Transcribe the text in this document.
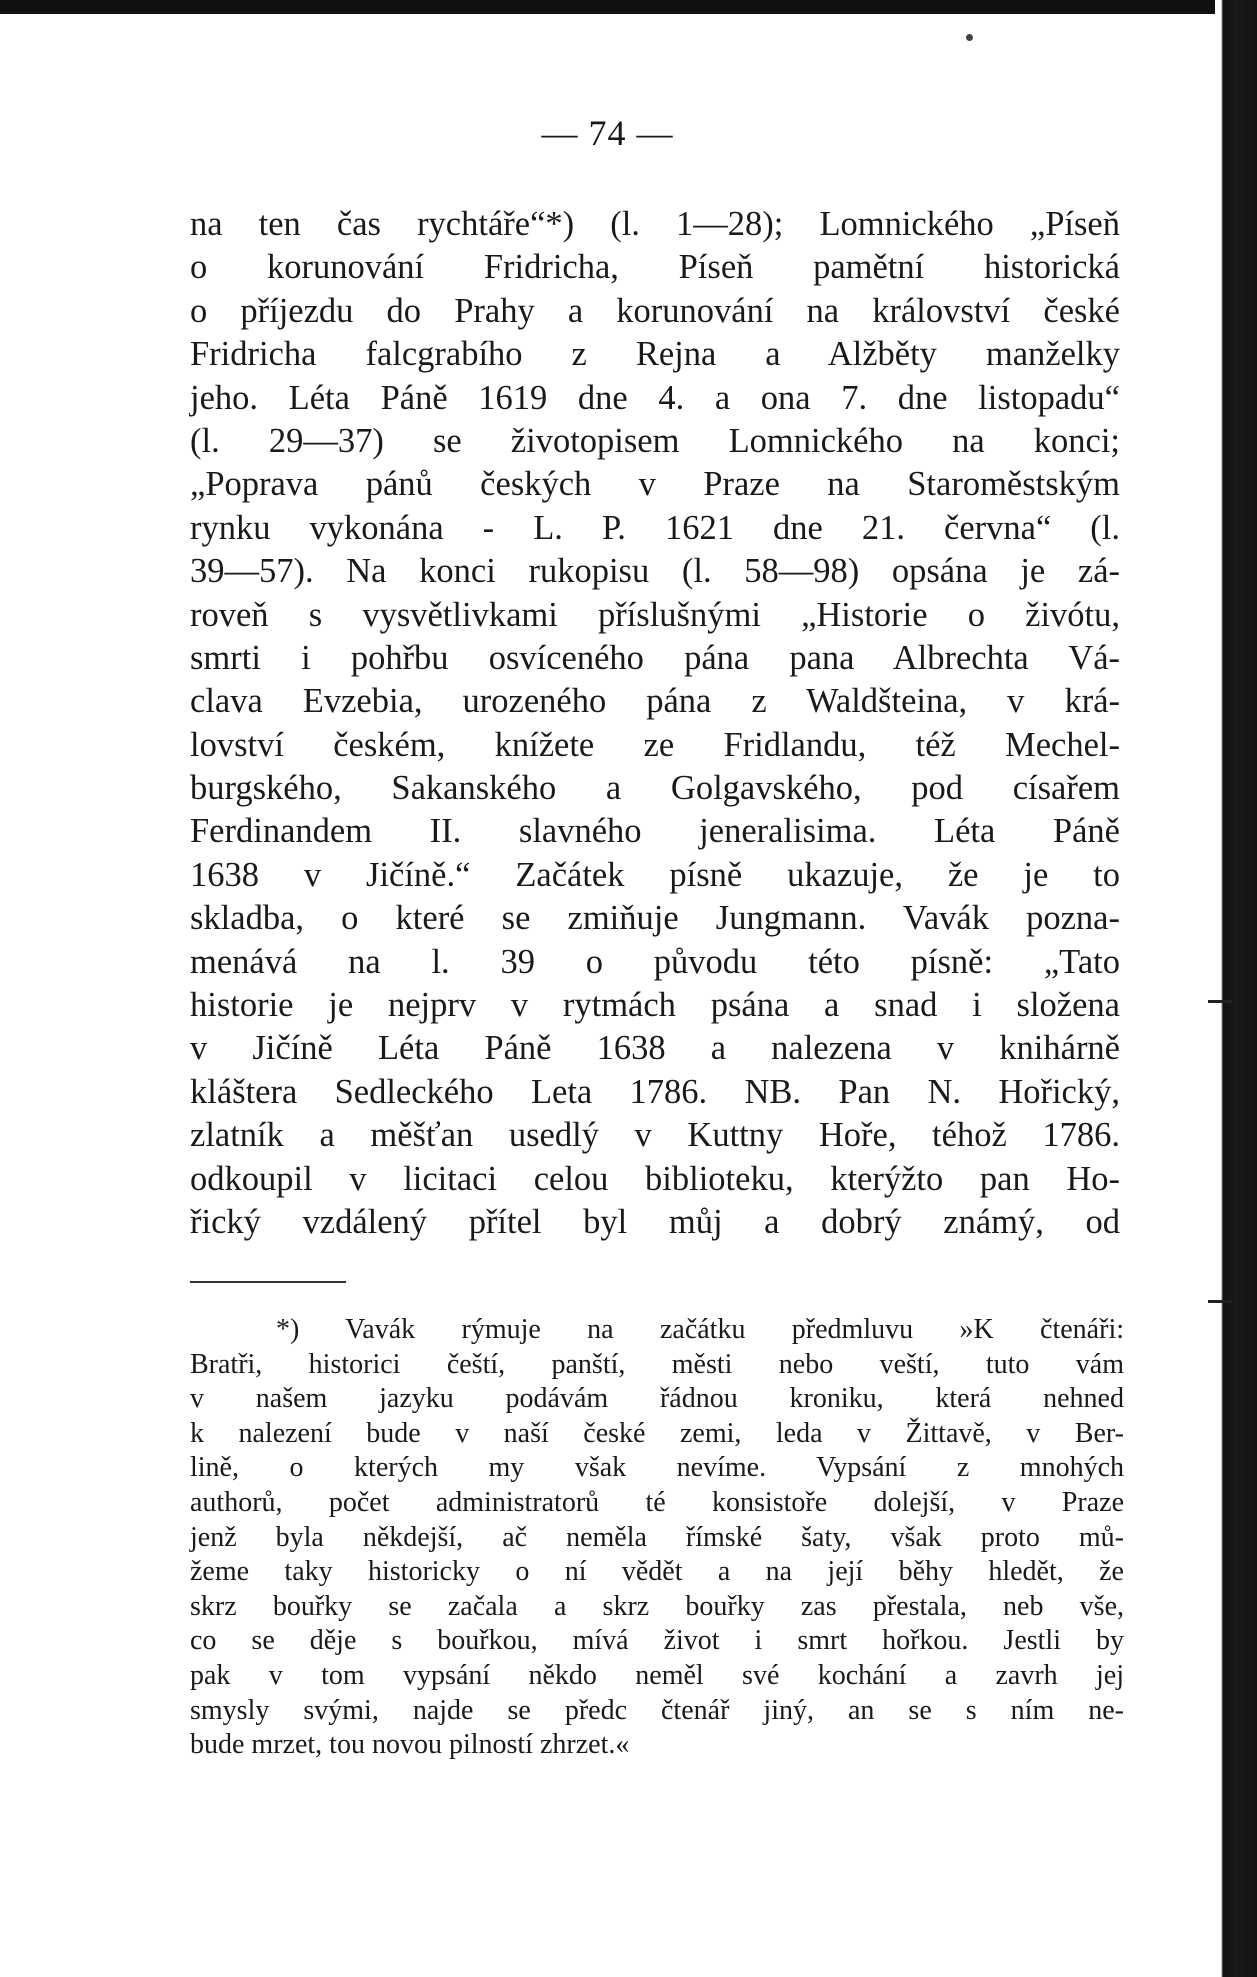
— 74 —
na ten čas rychtáře“*) (l. 1—28); Lomnického „Píseň
o korunování Fridricha, Píseň pamětní historická
o příjezdu do Prahy a korunování na království české
Fridricha falcgrabího z Rejna a Alžběty manželky
jeho. Léta Páně 1619 dne 4. a ona 7. dne listopadu“
(l. 29—37) se životopisem Lomnického na konci;
„Poprava pánů českých v Praze na Staroměstským
rynku vykonána - L. P. 1621 dne 21. června“ (l.
39—57). Na konci rukopisu (l. 58—98) opsána je zá-
roveň s vysvětlivkami příslušnými „Historie o živótu,
smrti i pohřbu osvíceného pána pana Albrechta Vá-
clava Evzebia, urozeného pána z Waldšteina, v krá-
lovství českém, knížete ze Fridlandu, též Mechel-
burgského, Sakanského a Golgavského, pod císařem
Ferdinandem II. slavného jeneralisima. Léta Páně
1638 v Jičíně.“ Začátek písně ukazuje, že je to
skladba, o které se zmiňuje Jungmann. Vavák pozna-
menává na l. 39 o původu této písně: „Tato
historie je nejprv v rytmách psána a snad i složena
v Jičíně Léta Páně 1638 a nalezena v knihárně
kláštera Sedleckého Leta 1786. NB. Pan N. Hořický,
zlatník a měšťan usedlý v Kuttny Hoře, téhož 1786.
odkoupil v licitaci celou biblioteku, kterýžto pan Ho-
řický vzdálený přítel byl můj a dobrý známý, od
*) Vavák rýmuje na začátku předmluvu »K čtenáři:
Bratři, historici čeští, panští, městi nebo veští, tuto vám
v našem jazyku podávám řádnou kroniku, která nehned
k nalezení bude v naší české zemi, leda v Žittavě, v Ber-
lině, o kterých my však nevíme. Vypsání z mnohých
authorů, počet administratorů té konsistoře dolejší, v Praze
jenž byla někdejší, ač neměla římské šaty, však proto mů-
žeme taky historicky o ní vědět a na její běhy hledět, že
skrz bouřky se začala a skrz bouřky zas přestala, neb vše,
co se děje s bouřkou, mívá život i smrt hořkou. Jestli by
pak v tom vypsání někdo neměl své kochání a zavrh jej
smysly svými, najde se předc čtenář jiný, an se s ním ne-
bude mrzet, tou novou pilností zhrzet.«
